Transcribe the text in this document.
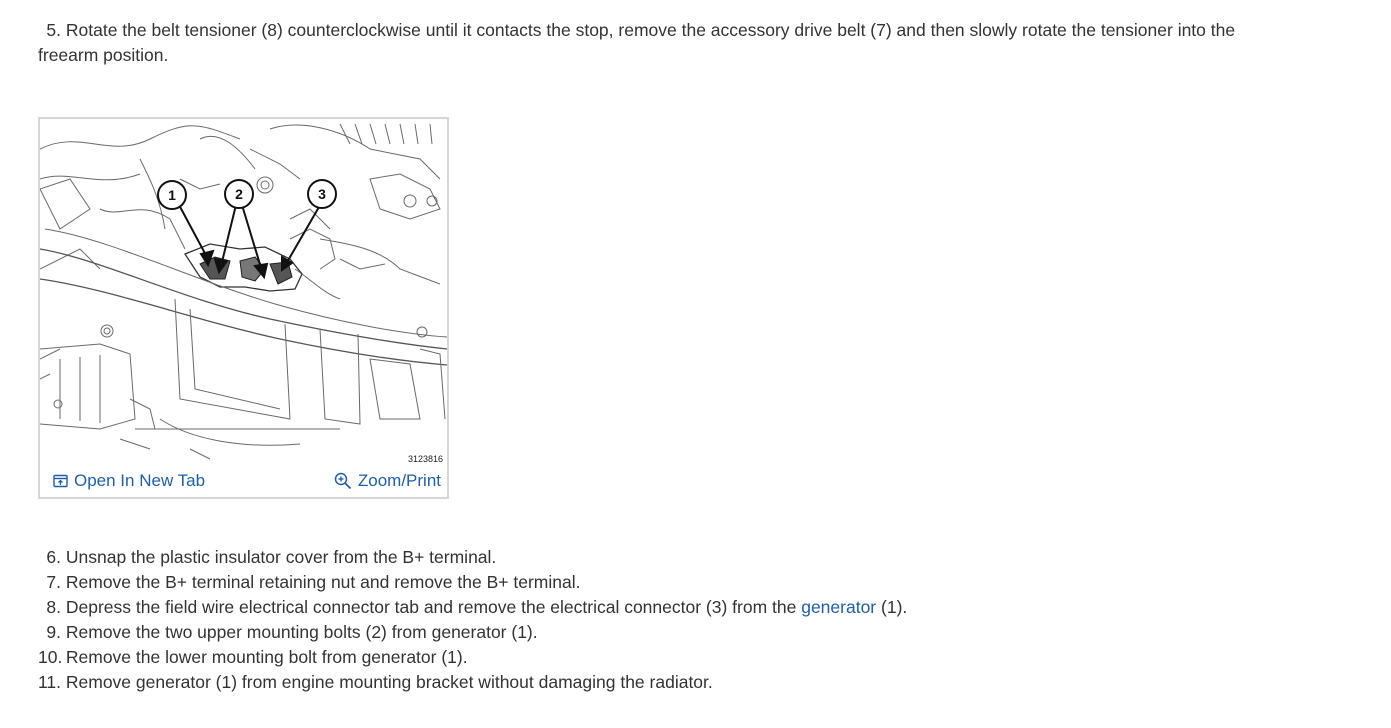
5. Rotate the belt tensioner (8) counterclockwise until it contacts the stop, remove the accessory drive belt (7) and then slowly rotate the tensioner into the freearm position.
1	2	3
3123816
Open In New Tab	Zoom/Print
6. Unsnap the plastic insulator cover from the B+ terminal.
7. Remove the B+ terminal retaining nut and remove the B+ terminal.
8. Depress the field wire electrical connector tab and remove the electrical connector (3) from the generator (1).
9. Remove the two upper mounting bolts (2) from generator (1).
10. Remove the lower mounting bolt from generator (1).
11. Remove generator (1) from engine mounting bracket without damaging the radiator.
